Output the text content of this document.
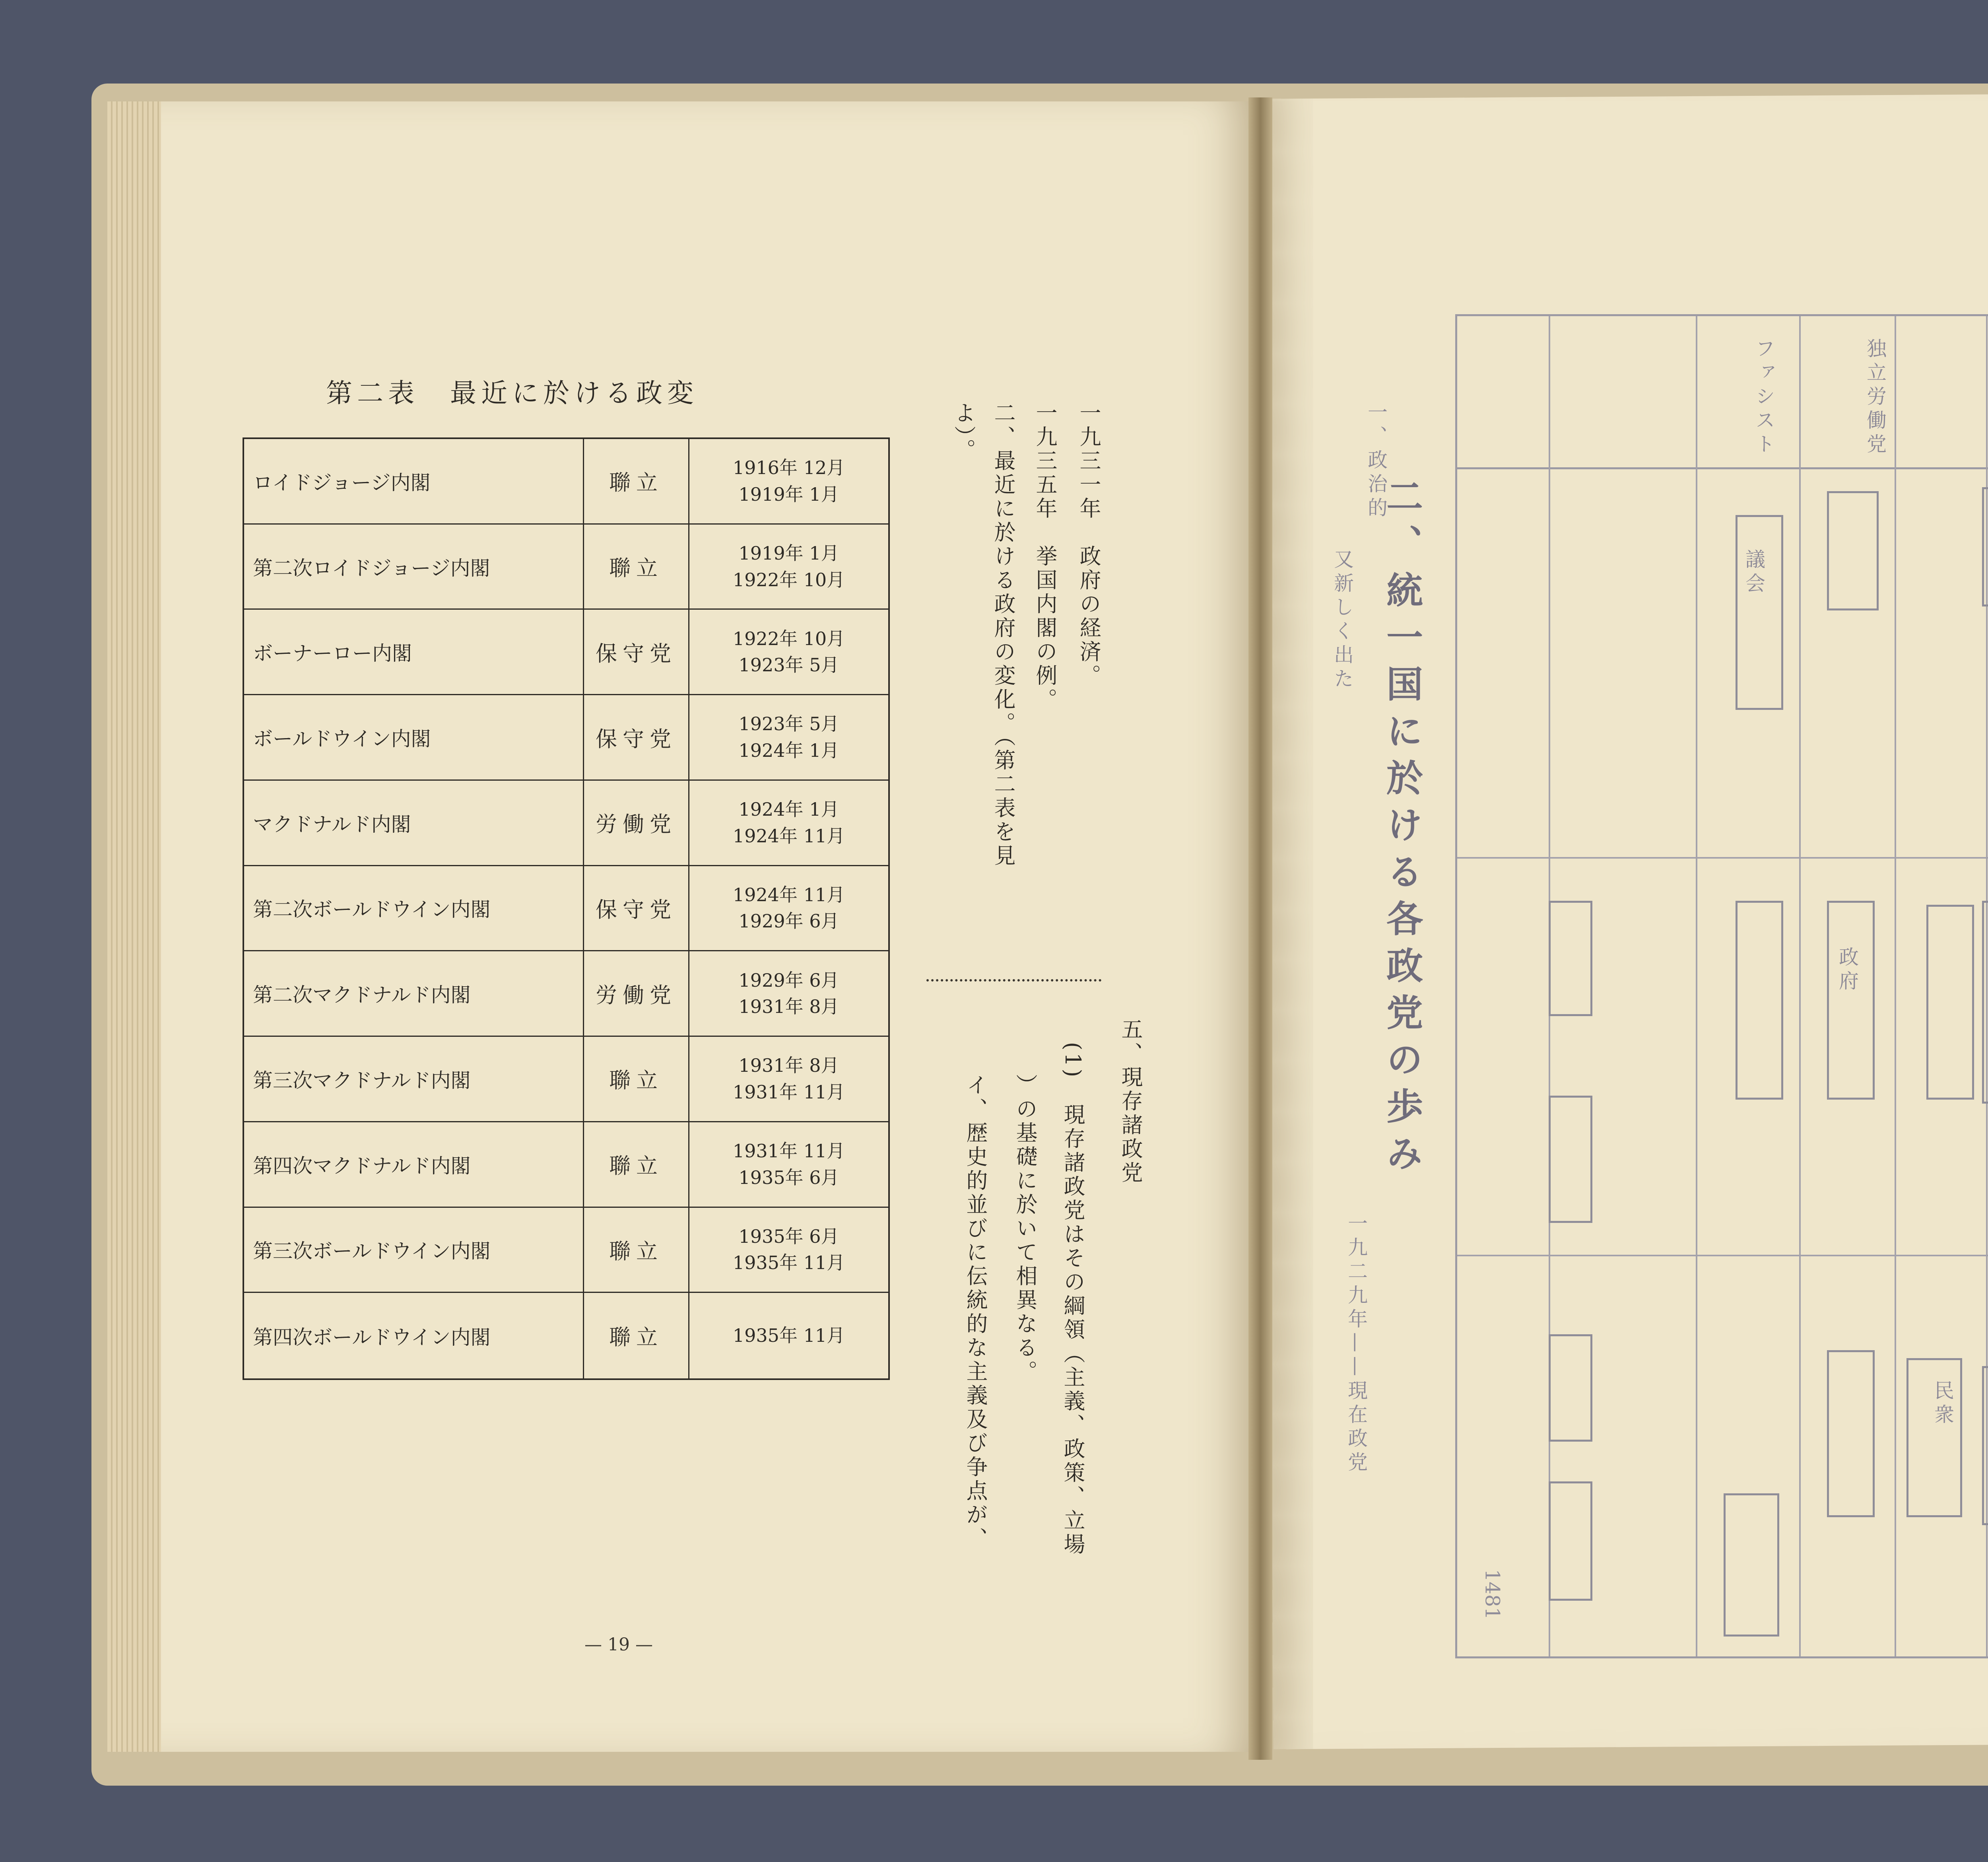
第二表　最近に於ける政変
ロイドジョージ内閣	聯立
1916年 12月
1919年 1月
第二次ロイドジョージ内閣	聯立
1919年 1月
1922年 10月
ボーナーロー内閣	保守党
1922年 10月
1923年 5月
ボールドウイン内閣	保守党
1923年 5月
1924年 1月
マクドナルド内閣	労働党
1924年 1月
1924年 11月
第二次ボールドウイン内閣	保守党
1924年 11月
1929年 6月
第二次マクドナルド内閣	労働党
1929年 6月
1931年 8月
第三次マクドナルド内閣	聯立
1931年 8月
1931年 11月
第四次マクドナルド内閣	聯立
1931年 11月
1935年 6月
第三次ボールドウイン内閣	聯立
1935年 6月
1935年 11月
第四次ボールドウイン内閣	聯立	1935年 11月
一九三一年　政府の経済。
一九三五年　挙国内閣の例。
二、最近に於ける政府の変化。（第二表を見
よ）。
五、現存諸政党
(1)　現存諸政党はその綱領（主義、政策、立場
）の基礎に於いて相異なる。
イ、歴史的並びに伝統的な主義及び争点が、
— 19 —
二、統一国に於ける各政党の歩み
一九二九年——現在政党
一、政治的
又新しく出た
独立労働党
ファシスト
1481
議会
政府
民衆
